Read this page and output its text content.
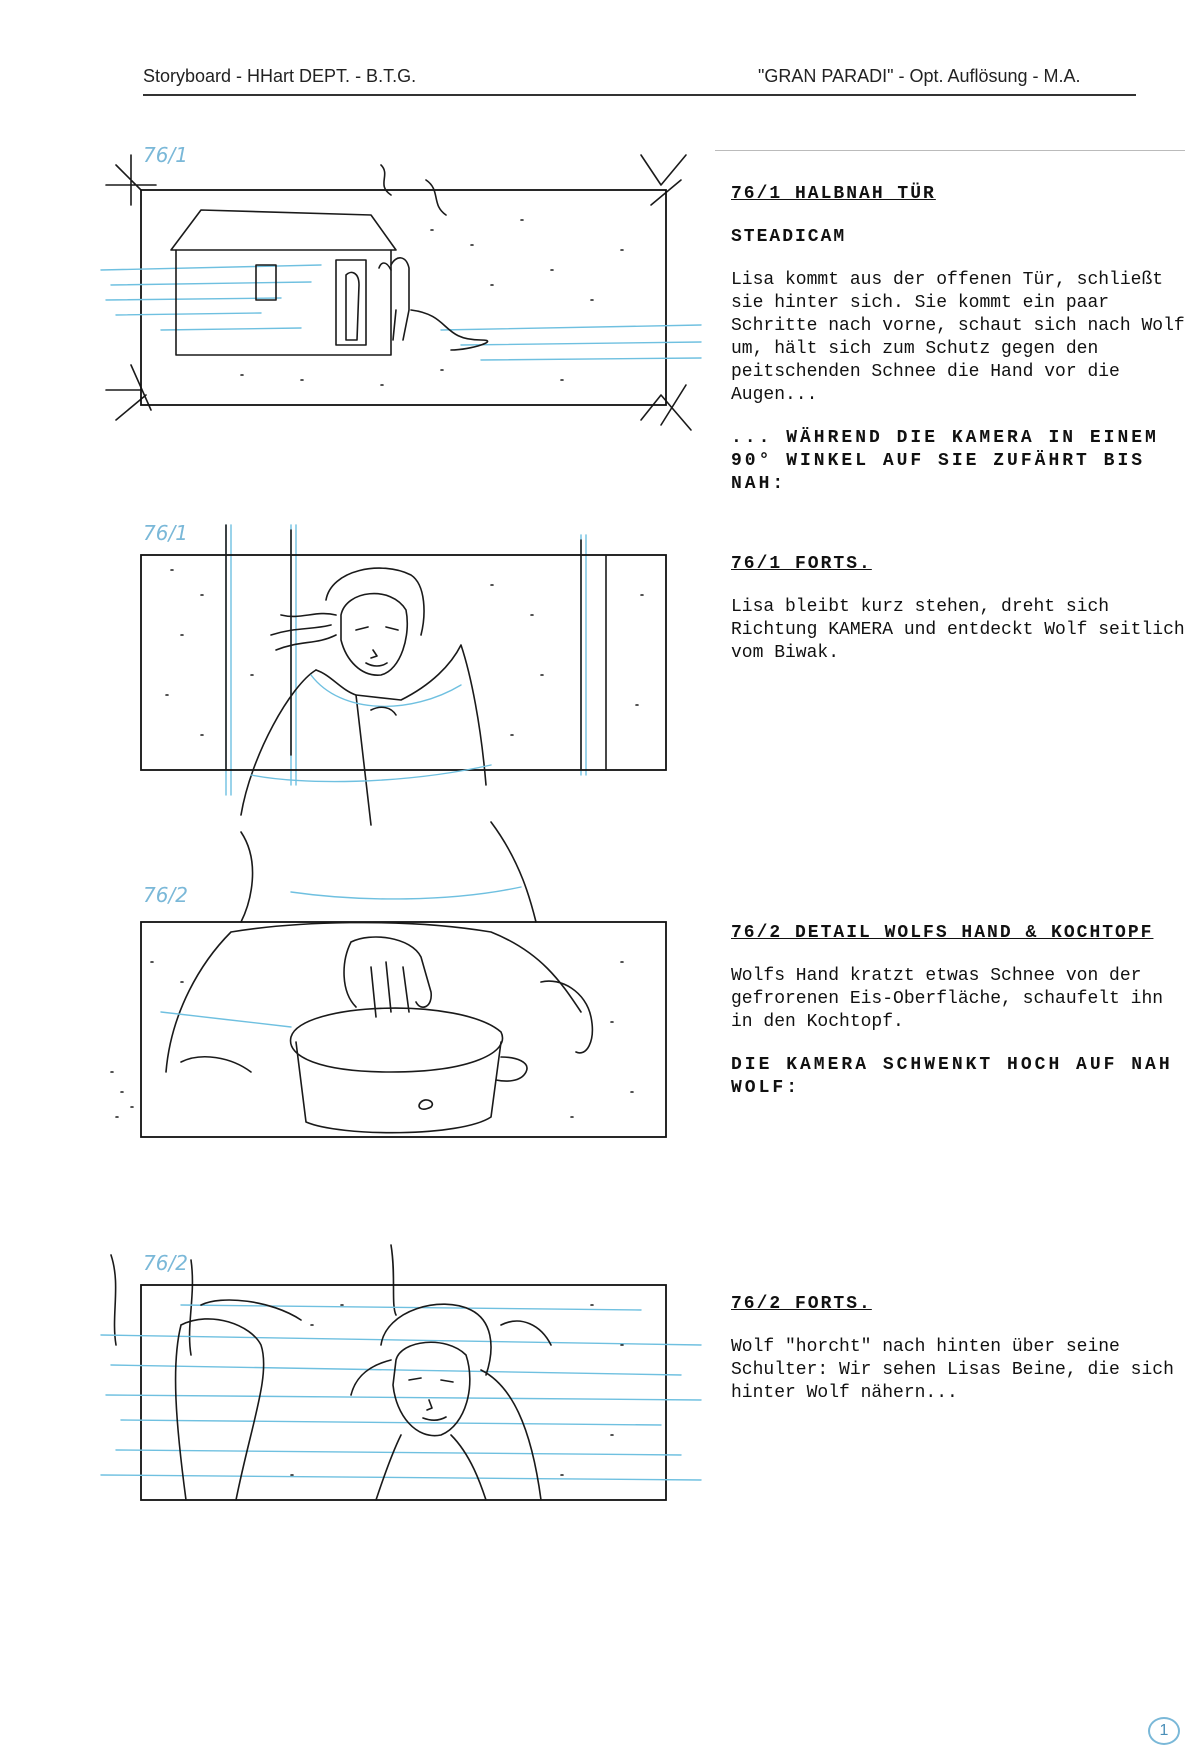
Storyboard - HHart DEPT. - B.T.G.	"GRAN PARADI" - Opt. Auflösung - M.A.
76/1
76/1
76/2
76/2

76/1 HALBNAH TÜR

STEADICAM

Lisa kommt aus der offenen Tür, schließt sie hinter sich. Sie kommt ein paar Schritte nach vorne, schaut sich nach Wolf um, hält sich zum Schutz gegen den peitschenden Schnee die Hand vor die Augen...

... WÄHREND DIE KAMERA IN EINEM 90° WINKEL AUF SIE ZUFÄHRT BIS NAH:

76/1 FORTS.

Lisa bleibt kurz stehen, dreht sich Richtung KAMERA und entdeckt Wolf seitlich vom Biwak.

76/2 DETAIL WOLFS HAND & KOCHTOPF

Wolfs Hand kratzt etwas Schnee von der gefrorenen Eis-Oberfläche, schaufelt ihn in den Kochtopf.

DIE KAMERA SCHWENKT HOCH AUF NAH WOLF:

76/2 FORTS.

Wolf "horcht" nach hinten über seine Schulter: Wir sehen Lisas Beine, die sich hinter Wolf nähern...

1
